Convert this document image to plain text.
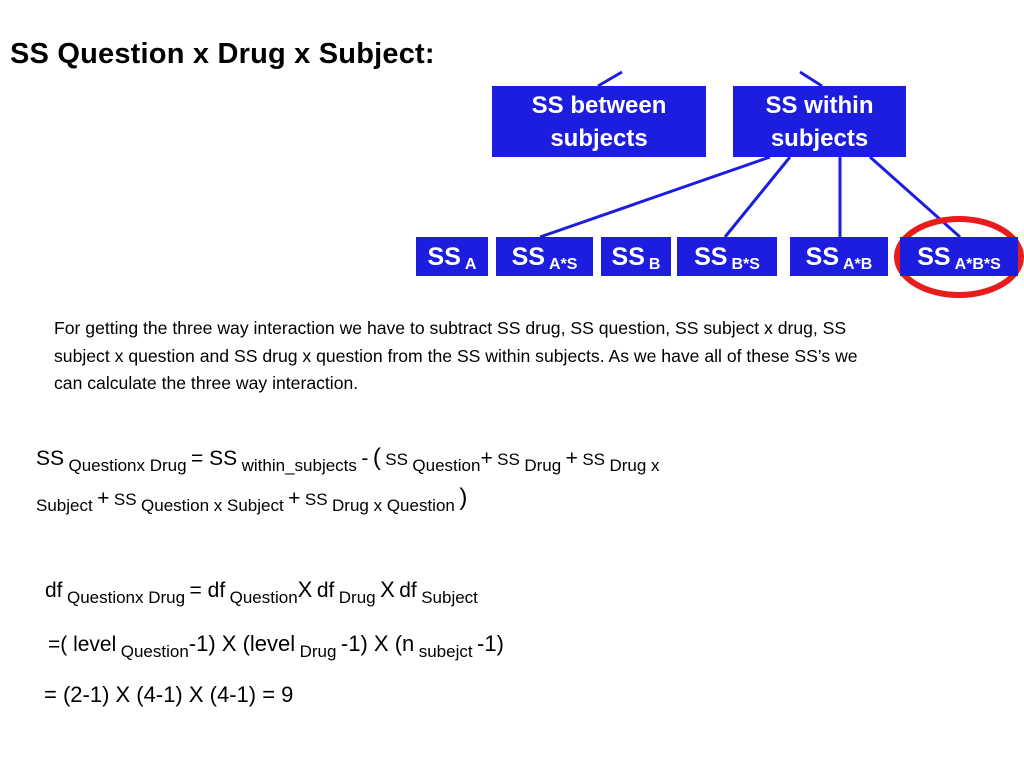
SS Question x Drug x Subject:
SS between
subjects
SS within
subjects
SS A SS A*S SS B SS B*S SS A*B SS A*B*S
For getting the three way interaction we have to subtract SS drug, SS question, SS subject x drug, SS subject x question and SS drug x question from the SS within subjects. As we have all of these SS’s we can calculate the three way interaction.
SS Questionx Drug = SS within_subjects - ( SS Question+ SS Drug + SS Drug x
Subject + SS Question x Subject + SS Drug x Question )
df Questionx Drug = df QuestionX df Drug X df Subject
=( level Question-1) X (level Drug -1) X (n subejct -1)
= (2-1) X (4-1) X (4-1) = 9
